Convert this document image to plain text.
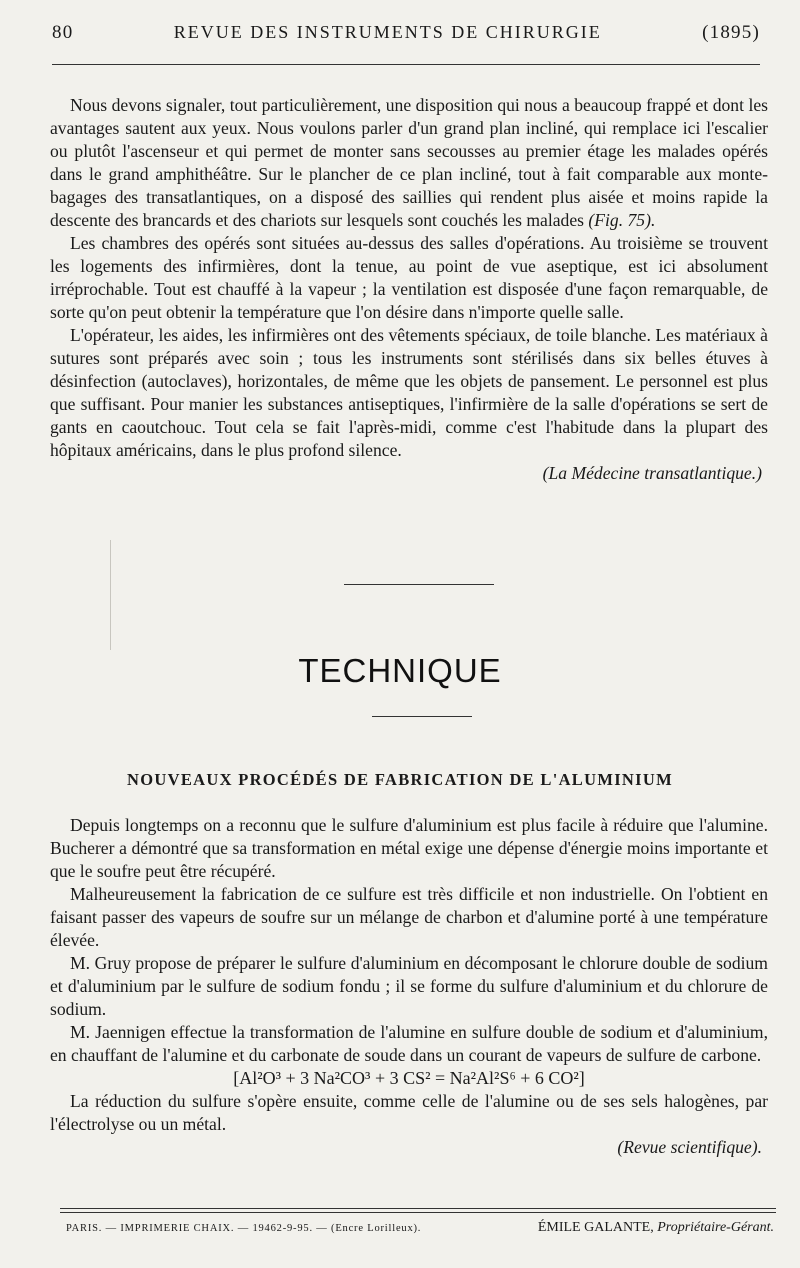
80	REVUE DES INSTRUMENTS DE CHIRURGIE	(1895)

Nous devons signaler, tout particulièrement, une disposition qui nous a beaucoup frappé et dont les avantages sautent aux yeux. Nous voulons parler d'un grand plan incliné, qui remplace ici l'escalier ou plutôt l'ascenseur et qui permet de monter sans secousses au premier étage les malades opérés dans le grand amphithéâtre. Sur le plancher de ce plan incliné, tout à fait comparable aux monte-bagages des transatlantiques, on a disposé des saillies qui rendent plus aisée et moins rapide la descente des brancards et des chariots sur lesquels sont couchés les malades (Fig. 75).

Les chambres des opérés sont situées au-dessus des salles d'opérations. Au troisième se trouvent les logements des infirmières, dont la tenue, au point de vue aseptique, est ici absolument irréprochable. Tout est chauffé à la vapeur ; la ventilation est disposée d'une façon remarquable, de sorte qu'on peut obtenir la température que l'on désire dans n'importe quelle salle.

L'opérateur, les aides, les infirmières ont des vêtements spéciaux, de toile blanche. Les matériaux à sutures sont préparés avec soin ; tous les instruments sont stérilisés dans six belles étuves à désinfection (autoclaves), horizontales, de même que les objets de pansement. Le personnel est plus que suffisant. Pour manier les substances antiseptiques, l'infirmière de la salle d'opérations se sert de gants en caoutchouc. Tout cela se fait l'après-midi, comme c'est l'habitude dans la plupart des hôpitaux américains, dans le plus profond silence.

(La Médecine transatlantique.)
TECHNIQUE
NOUVEAUX PROCÉDÉS DE FABRICATION DE L'ALUMINIUM

Depuis longtemps on a reconnu que le sulfure d'aluminium est plus facile à réduire que l'alumine. Bucherer a démontré que sa transformation en métal exige une dépense d'énergie moins importante et que le soufre peut être récupéré.

Malheureusement la fabrication de ce sulfure est très difficile et non industrielle. On l'obtient en faisant passer des vapeurs de soufre sur un mélange de charbon et d'alumine porté à une température élevée.

M. Gruy propose de préparer le sulfure d'aluminium en décomposant le chlorure double de sodium et d'aluminium par le sulfure de sodium fondu ; il se forme du sulfure d'aluminium et du chlorure de sodium.

M. Jaennigen effectue la transformation de l'alumine en sulfure double de sodium et d'aluminium, en chauffant de l'alumine et du carbonate de soude dans un courant de vapeurs de sulfure de carbone.

[Al²O³ + 3 Na²CO³ + 3 CS² = Na²Al²S⁶ + 6 CO²]

La réduction du sulfure s'opère ensuite, comme celle de l'alumine ou de ses sels halogènes, par l'électrolyse ou un métal.

(Revue scientifique).
PARIS. — IMPRIMERIE CHAIX. — 19462-9-95. — (Encre Lorilleux).	ÉMILE GALANTE, Propriétaire-Gérant.
